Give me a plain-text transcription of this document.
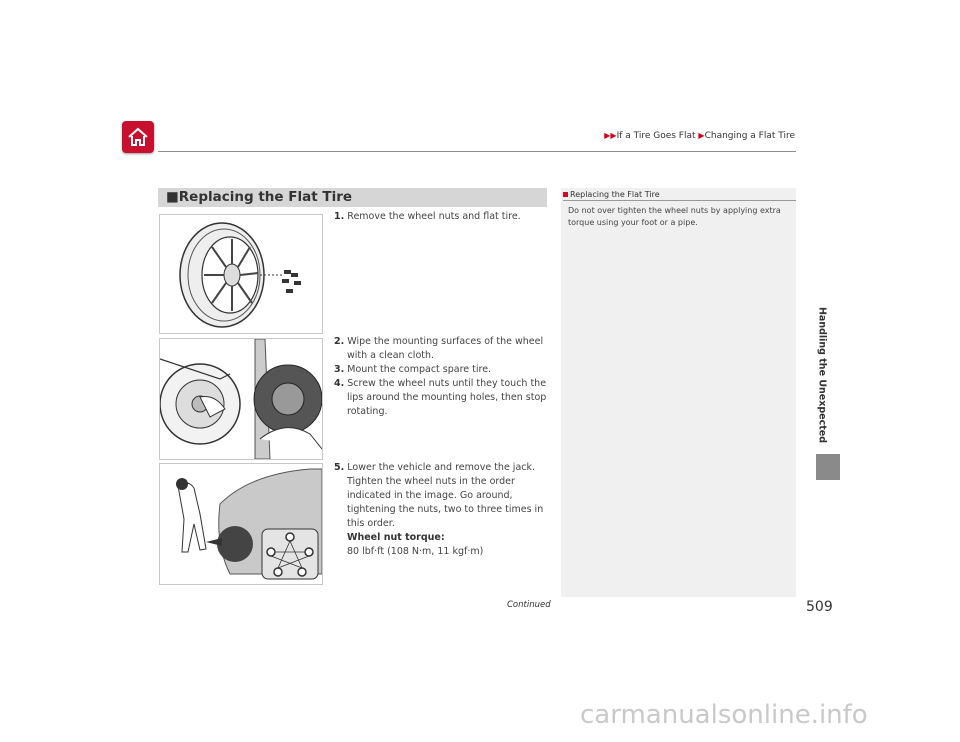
▶▶If a Tire Goes Flat ▶Changing a Flat Tire
Handling the Unexpected
■Replacing the Flat Tire
1. Remove the wheel nuts and flat tire.
2. Wipe the mounting surfaces of the wheel
with a clean cloth.
3. Mount the compact spare tire.
4. Screw the wheel nuts until they touch the
lips around the mounting holes, then stop
rotating.
5. Lower the vehicle and remove the jack.
Tighten the wheel nuts in the order
indicated in the image. Go around,
tightening the nuts, two to three times in
this order.
Wheel nut torque:
80 lbf·ft (108 N·m, 11 kgf·m)
Replacing the Flat Tire
Do not over tighten the wheel nuts by applying extra
torque using your foot or a pipe.
Continued	509
carmanualsonline.info
